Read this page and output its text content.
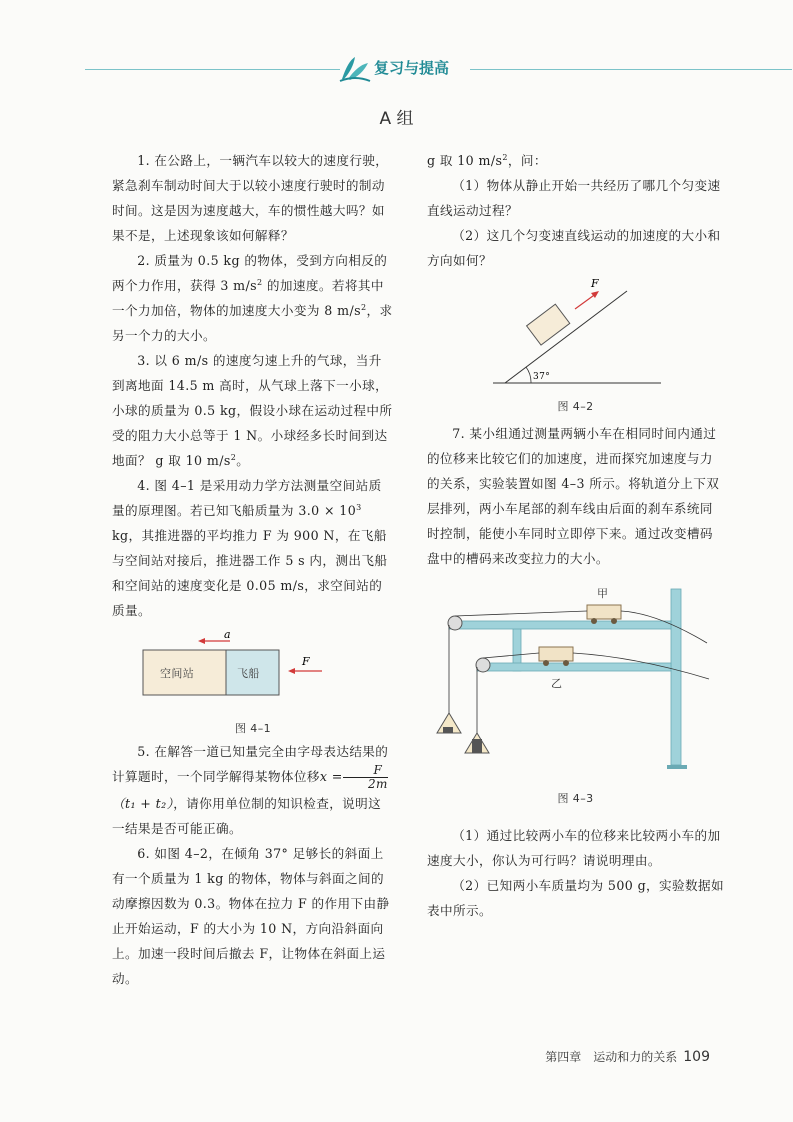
复习与提高
A 组

1. 在公路上，一辆汽车以较大的速度行驶，紧急刹车制动时间大于以较小速度行驶时的制动时间。这是因为速度越大，车的惯性越大吗？如果不是，上述现象该如何解释？

2. 质量为 0.5 kg 的物体，受到方向相反的两个力作用，获得 3 $m/s^2$ 的加速度。若将其中一个力加倍，物体的加速度大小变为 8 $m/s^2$，求另一个力的大小。

3. 以 6 m/s 的速度匀速上升的气球，当升到离地面 14.5 m 高时，从气球上落下一小球，小球的质量为 0.5 kg，假设小球在运动过程中所受的阻力大小总等于 1 N。小球经多长时间到达地面？ g 取 10 $m/s^2$。

4. 图 4–1 是采用动力学方法测量空间站质量的原理图。若已知飞船质量为 $3.0 \times 10^3$ kg，其推进器的平均推力 F 为 900 N，在飞船与空间站对接后，推进器工作 5 s 内，测出飞船和空间站的速度变化是 0.05 m/s，求空间站的质量。

a
空间站	飞船
F
图 4–1

5. 在解答一道已知量完全由字母表达结果的计算题时，一个同学解得某物体位移$x = \frac{F}{2m}$
（t₁ + t₂），请你用单位制的知识检查，说明这一结果是否可能正确。

6. 如图 4–2，在倾角 37° 足够长的斜面上有一个质量为 1 kg 的物体，物体与斜面之间的动摩擦因数为 0.3。物体在拉力 F 的作用下由静止开始运动，F 的大小为 10 N，方向沿斜面向上。加速一段时间后撤去 F，让物体在斜面上运动。

g 取 10 $m/s^2$，问：

（1）物体从静止开始一共经历了哪几个匀变速直线运动过程？

（2）这几个匀变速直线运动的加速度的大小和方向如何？

F
37°
图 4–2

7. 某小组通过测量两辆小车在相同时间内通过的位移来比较它们的加速度，进而探究加速度与力的关系，实验装置如图 4–3 所示。将轨道分上下双层排列，两小车尾部的刹车线由后面的刹车系统同时控制，能使小车同时立即停下来。通过改变槽码盘中的槽码来改变拉力的大小。

甲
乙
图 4–3

（1）通过比较两小车的位移来比较两小车的加速度大小，你认为可行吗？请说明理由。

（2）已知两小车质量均为 500 g，实验数据如表中所示。

第四章　运动和力的关系 109
